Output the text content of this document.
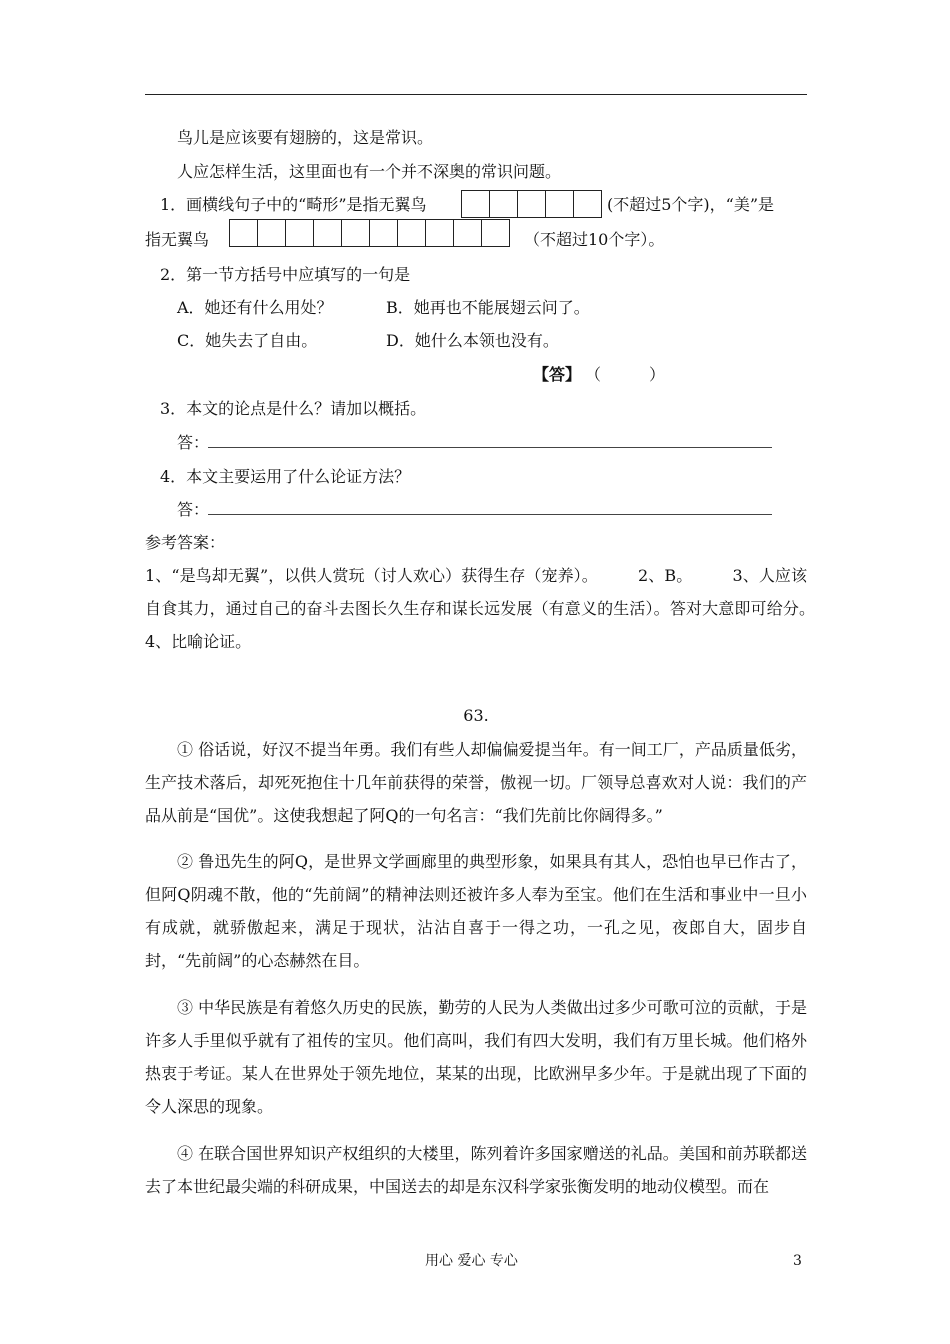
鸟儿是应该要有翅膀的，这是常识。
人应怎样生活，这里面也有一个并不深奥的常识问题。
1．画横线句子中的“畸形”是指无翼鸟	(不超过5个字)，“美”是
指无翼鸟	（不超过10个字）。
2．第一节方括号中应填写的一句是
A．她还有什么用处？	B．她再也不能展翅云问了。
C．她失去了自由。	D．她什么本领也没有。
【答】 （　　　）
3．本文的论点是什么？请加以概括。
答：
4．本文主要运用了什么论证方法？
答：
参考答案：
1、“是鸟却无翼”，以供人赏玩（讨人欢心）获得生存（宠养）。　　　2、B。　　　3、人应该自食其力，通过自己的奋斗去图长久生存和谋长远发展（有意义的生活）。答对大意即可给分。　　　4、比喻论证。
63.
① 俗话说，好汉不提当年勇。我们有些人却偏偏爱提当年。有一间工厂，产品质量低劣，生产技术落后，却死死抱住十几年前获得的荣誉，傲视一切。厂领导总喜欢对人说：我们的产品从前是“国优”。这使我想起了阿Q的一句名言：“我们先前比你阔得多。”
② 鲁迅先生的阿Q，是世界文学画廊里的典型形象，如果具有其人，恐怕也早已作古了，但阿Q阴魂不散，他的“先前阔”的精神法则还被许多人奉为至宝。他们在生活和事业中一旦小有成就，就骄傲起来，满足于现状，沾沾自喜于一得之功，一孔之见，夜郎自大，固步自封，“先前阔”的心态赫然在目。
③ 中华民族是有着悠久历史的民族，勤劳的人民为人类做出过多少可歌可泣的贡献，于是许多人手里似乎就有了祖传的宝贝。他们高叫，我们有四大发明，我们有万里长城。他们格外热衷于考证。某人在世界处于领先地位，某某的出现，比欧洲早多少年。于是就出现了下面的令人深思的现象。
④ 在联合国世界知识产权组织的大楼里，陈列着许多国家赠送的礼品。美国和前苏联都送去了本世纪最尖端的科研成果，中国送去的却是东汉科学家张衡发明的地动仪模型。而在
用心 爱心 专心	3
